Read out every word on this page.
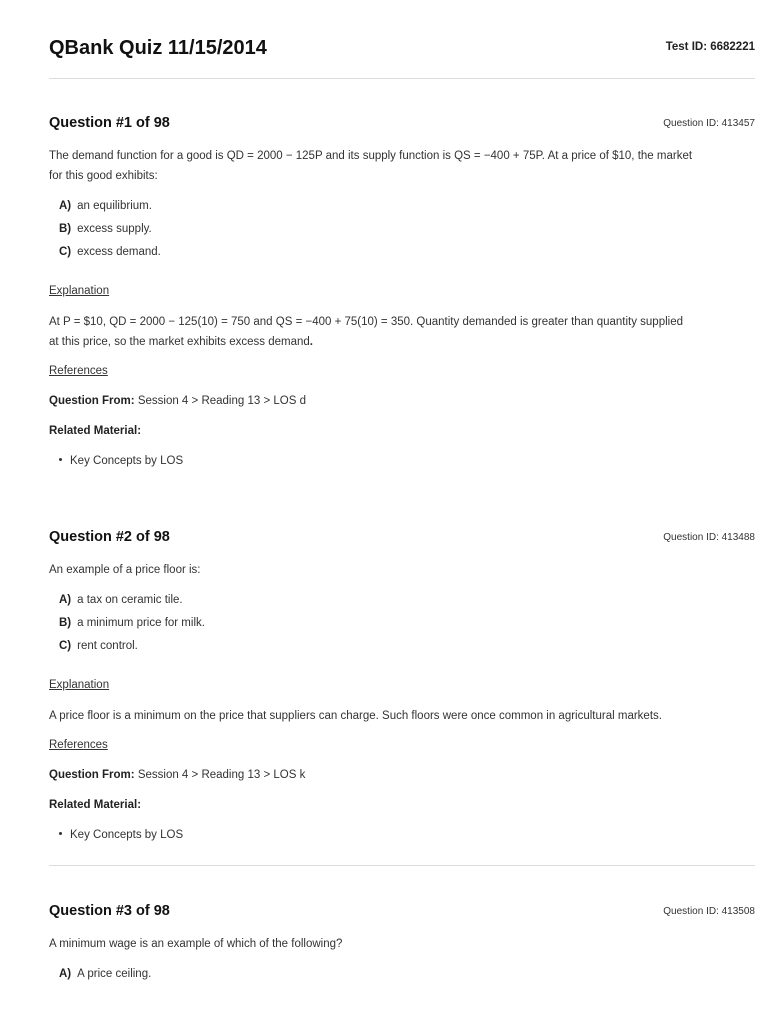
QBank Quiz 11/15/2014	Test ID: 6682221
Question #1 of 98	Question ID: 413457
The demand function for a good is QD = 2000 − 125P and its supply function is QS = −400 + 75P. At a price of $10, the market
for this good exhibits:
A) an equilibrium.
B) excess supply.
C) excess demand.
Explanation
At P = $10, QD = 2000 − 125(10) = 750 and QS = −400 + 75(10) = 350. Quantity demanded is greater than quantity supplied
at this price, so the market exhibits excess demand.
References
Question From: Session 4 > Reading 13 > LOS d
Related Material:
Key Concepts by LOS
Question #2 of 98	Question ID: 413488
An example of a price floor is:
A) a tax on ceramic tile.
B) a minimum price for milk.
C) rent control.
Explanation
A price floor is a minimum on the price that suppliers can charge. Such floors were once common in agricultural markets.
References
Question From: Session 4 > Reading 13 > LOS k
Related Material:
Key Concepts by LOS
Question #3 of 98	Question ID: 413508
A minimum wage is an example of which of the following?
A) A price ceiling.
